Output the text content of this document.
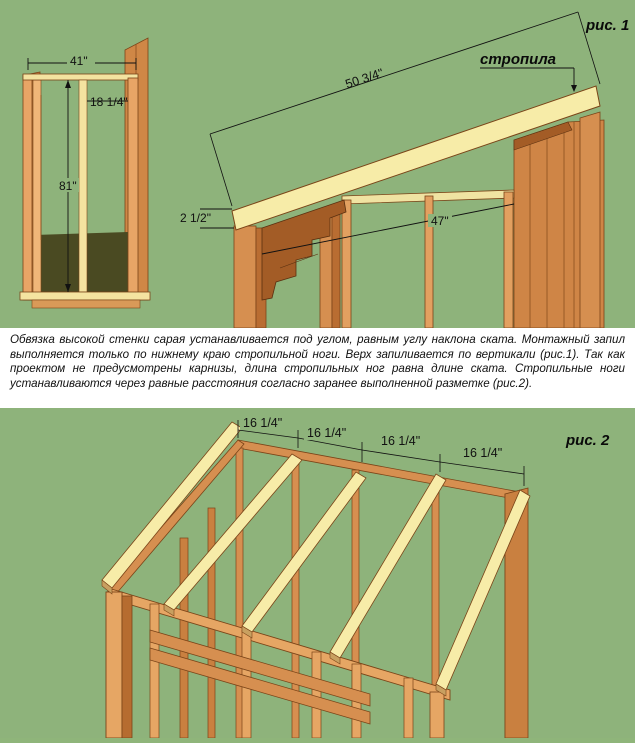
41"
18 1/4"
81"
50 3/4"
2 1/2"	47"
стропила
рис. 1

Обвязка высокой стенки сарая устанавливается под углом, равным углу наклона ската. Монтажный запил выполняется только по нижнему краю стропильной ноги. Верх запиливается по вертикали (рис.1). Так как проектом не предусмотрены карнизы, длина стропильных ног равна длине ската. Стропильные ноги устанавливаются через равные расстояния согласно заранее выполненной разметке (рис.2).

16 1/4"
16 1/4"
16 1/4"
16 1/4"
рис. 2
